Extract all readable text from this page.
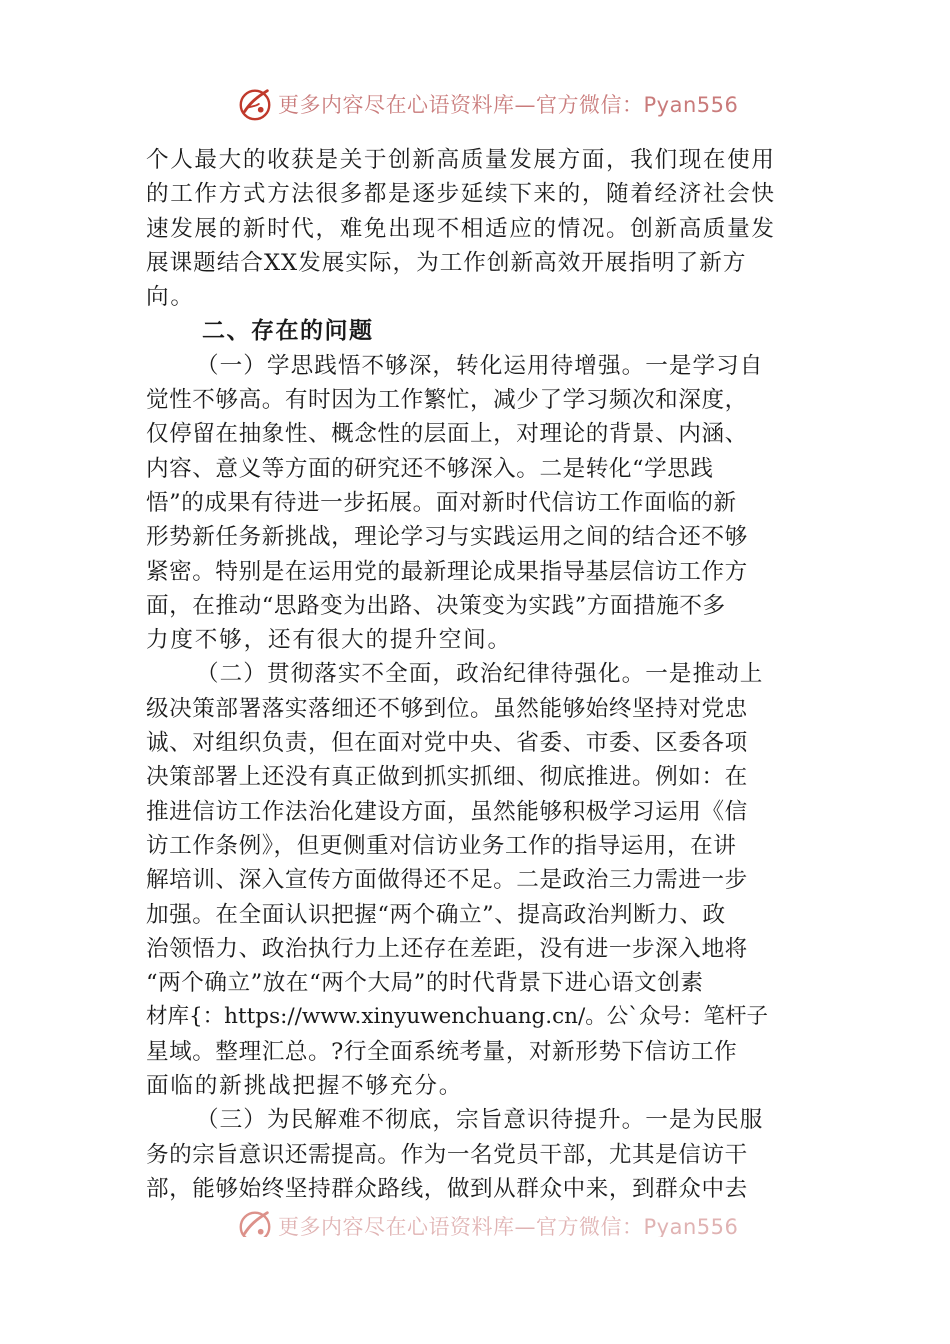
更多内容尽在心语资料库—官方微信：Pyan556
个人最大的收获是关于创新高质量发展方面，我们现在使用
的工作方式方法很多都是逐步延续下来的，随着经济社会快
速发展的新时代，难免出现不相适应的情况。创新高质量发
展课题结合XX发展实际，为工作创新高效开展指明了新方
向。
二、存在的问题
（一）学思践悟不够深，转化运用待增强。一是学习自
觉性不够高。有时因为工作繁忙，减少了学习频次和深度，
仅停留在抽象性、概念性的层面上，对理论的背景、内涵、
内容、意义等方面的研究还不够深入。二是转化“学思践
悟”的成果有待进一步拓展。面对新时代信访工作面临的新
形势新任务新挑战，理论学习与实践运用之间的结合还不够
紧密。特别是在运用党的最新理论成果指导基层信访工作方
面，在推动“思路变为出路、决策变为实践”方面措施不多
力度不够，还有很大的提升空间。
（二）贯彻落实不全面，政治纪律待强化。一是推动上
级决策部署落实落细还不够到位。虽然能够始终坚持对党忠
诚、对组织负责，但在面对党中央、省委、市委、区委各项
决策部署上还没有真正做到抓实抓细、彻底推进。例如：在
推进信访工作法治化建设方面，虽然能够积极学习运用《信
访工作条例》，但更侧重对信访业务工作的指导运用，在讲
解培训、深入宣传方面做得还不足。二是政治三力需进一步
加强。在全面认识把握“两个确立”、提高政治判断力、政
治领悟力、政治执行力上还存在差距，没有进一步深入地将
“两个确立”放在“两个大局”的时代背景下进心语文创素
材库{：https://www.xinyuwenchuang.cn/。公`众号：笔杆子
星域。整理汇总。?行全面系统考量，对新形势下信访工作
面临的新挑战把握不够充分。
（三）为民解难不彻底，宗旨意识待提升。一是为民服
务的宗旨意识还需提高。作为一名党员干部，尤其是信访干
部，能够始终坚持群众路线，做到从群众中来，到群众中去
更多内容尽在心语资料库—官方微信：Pyan556
